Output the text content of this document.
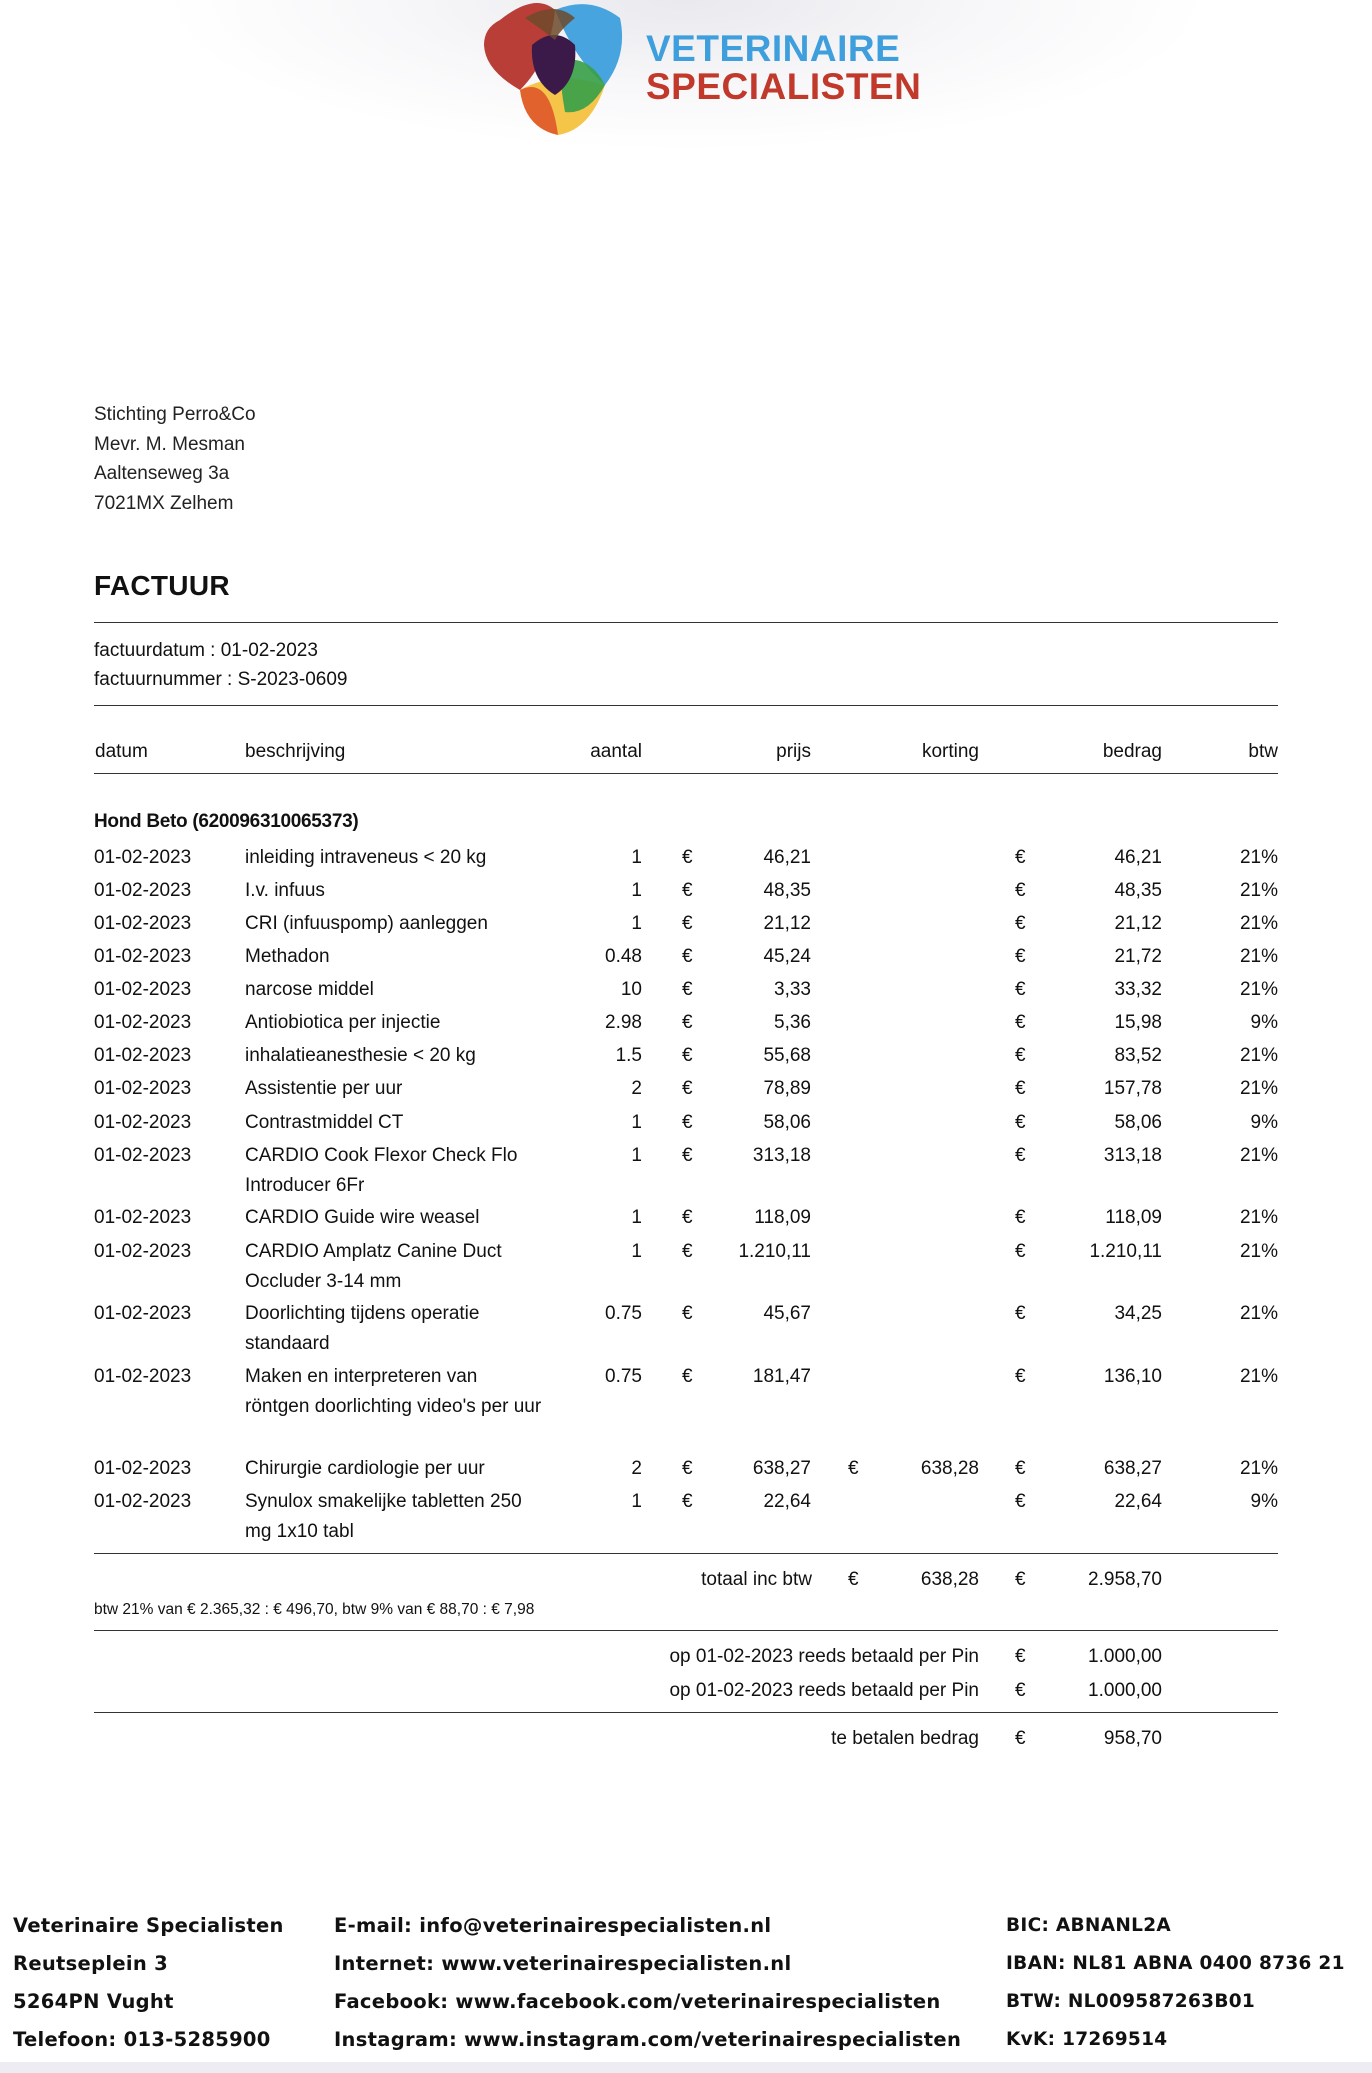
VETERINAIRE
SPECIALISTEN
Stichting Perro&Co
Mevr. M. Mesman
Aaltenseweg 3a
7021MX Zelhem
FACTUUR
factuurdatum : 01-02-2023
factuurnummer : S-2023-0609
datum	beschrijving	aantal	prijs	korting	bedrag	btw
Hond Beto (620096310065373)
01-02-2023	inleiding intraveneus < 20 kg	1 €	46,21	€	46,21	21%
01-02-2023	I.v. infuus	1 €	48,35	€	48,35	21%
01-02-2023	CRI (infuuspomp) aanleggen	1 €	21,12	€	21,12	21%
01-02-2023	Methadon	0.48 €	45,24	€	21,72	21%
01-02-2023	narcose middel	10 €	3,33	€	33,32	21%
01-02-2023	Antiobiotica per injectie	2.98 €	5,36	€	15,98	9%
01-02-2023	inhalatieanesthesie < 20 kg	1.5 €	55,68	€	83,52	21%
01-02-2023	Assistentie per uur	2 €	78,89	€	157,78	21%
01-02-2023	Contrastmiddel CT	1 €	58,06	€	58,06	9%
01-02-2023	CARDIO Cook Flexor Check Flo Introducer 6Fr
1 €	313,18	€	313,18	21%
01-02-2023	CARDIO Guide wire weasel	1 €	118,09	€	118,09	21%
01-02-2023	CARDIO Amplatz Canine Duct Occluder 3-14 mm
1 € 1.210,11	€	1.210,11	21%
01-02-2023	Doorlichting tijdens operatie standaard
0.75 €	45,67	€	34,25	21%
01-02-2023	Maken en interpreteren van röntgen doorlichting video's per uur
0.75 €	181,47	€	136,10	21%
01-02-2023	Chirurgie cardiologie per uur	2 €	638,27 €	638,28 €	638,27	21%
01-02-2023	Synulox smakelijke tabletten 250 mg 1x10 tabl
1 €	22,64	€	22,64	9%
totaal inc btw €	638,28 €	2.958,70
btw 21% van € 2.365,32 : € 496,70, btw 9% van € 88,70 : € 7,98
op 01-02-2023 reeds betaald per Pin €	1.000,00
op 01-02-2023 reeds betaald per Pin €	1.000,00
te betalen bedrag €	958,70
Veterinaire Specialisten
Reutseplein 3
5264PN Vught
Telefoon: 013-5285900
E-mail: info@veterinairespecialisten.nl
Internet: www.veterinairespecialisten.nl
Facebook: www.facebook.com/veterinairespecialisten
Instagram: www.instagram.com/veterinairespecialisten
BIC: ABNANL2A
IBAN: NL81 ABNA 0400 8736 21
BTW: NL009587263B01
KvK: 17269514
